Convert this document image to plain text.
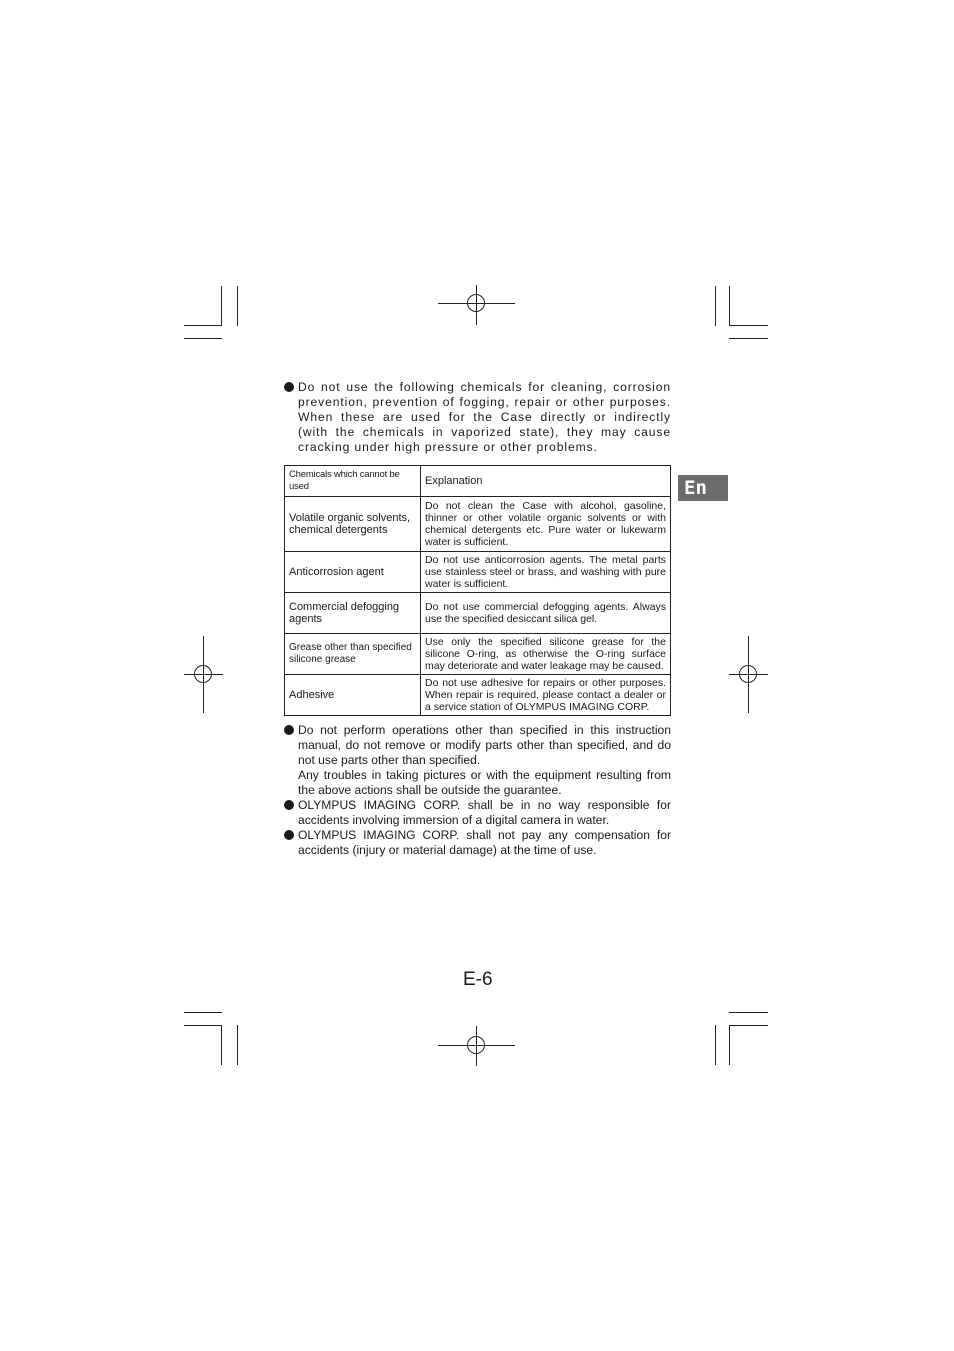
En

Do not use the following chemicals for cleaning, corrosion prevention, prevention of fogging, repair or other purposes. When these are used for the Case directly or indirectly (with the chemicals in vaporized state), they may cause cracking under high pressure or other problems.

Chemicals which cannot be used	Explanation
Volatile organic solvents, chemical detergents	Do not clean the Case with alcohol, gasoline, thinner or other volatile organic solvents or with chemical detergents etc. Pure water or lukewarm water is sufficient.
Anticorrosion agent	Do not use anticorrosion agents. The metal parts use stainless steel or brass, and washing with pure water is sufficient.
Commercial defogging agents	Do not use commercial defogging agents. Always use the specified desiccant silica gel.
Grease other than specified silicone grease	Use only the specified silicone grease for the silicone O-ring, as otherwise the O-ring surface may deteriorate and water leakage may be caused.
Adhesive	Do not use adhesive for repairs or other purposes. When repair is required, please contact a dealer or a service station of OLYMPUS IMAGING CORP.

Do not perform operations other than specified in this instruction manual, do not remove or modify parts other than specified, and do not use parts other than specified.

Any troubles in taking pictures or with the equipment resulting from the above actions shall be outside the guarantee.

OLYMPUS IMAGING CORP. shall be in no way responsible for accidents involving immersion of a digital camera in water.

OLYMPUS IMAGING CORP. shall not pay any compensation for accidents (injury or material damage) at the time of use.

E-6
